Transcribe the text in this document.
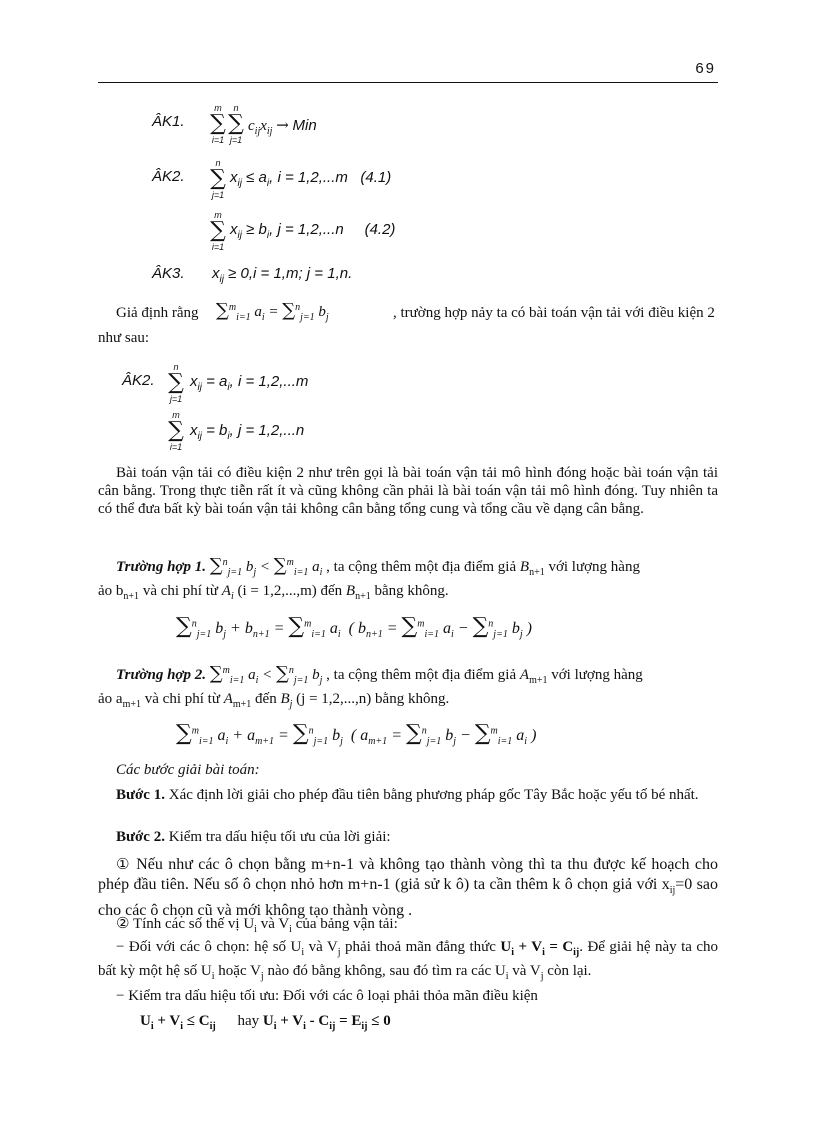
69
ÂK1.
m
∑
i=1
n
∑
j=1
$c_{ij}x_{ij}$ → Min
ÂK2.
n
∑
j=1
$x_{ij} \le a_i$, i = 1,2,...m   (4.1)
m
∑
i=1
$x_{ij} \ge b_i$, j = 1,2,...n     (4.2)
ÂK3. $x_{ij} \ge 0,i = 1,m$; j = 1,n.
Giả định rằng ∑$^m_{i=1}$ $a_i = \sum^n_{j=1}$ $b_j$	, trường hợp nảy ta có bài toán vận tải với điều kiện 2
như sau:
ÂK2.
n
∑
j=1
$x_{ij} = a_i$, i = 1,2,...m
m
∑
i=1
$x_{ij} = b_i$, j = 1,2,...n
Bài toán vận tải có điều kiện 2 như trên gọi là bài toán vận tải mô hình đóng hoặc bài toán vận tải cân bằng. Trong thực tiễn rất ít và cũng không cần phải là bài toán vận tải mô hình đóng. Tuy nhiên ta có thể đưa bất kỳ bài toán vận tải không cân bằng tổng cung và tổng cầu về dạng cân bằng.
Trường hợp 1. ∑$^n_{j=1}$ $b_j < \sum^m_{i=1}$ $a_i$ , ta cộng thêm một địa điểm giả $B_{n+1}$ với lượng hàng
ảo $b_{n+1}$ và chi phí từ $A_i$ (i = 1,2,...,m) đến $B_{n+1}$ bằng không.
∑$^n_{j=1}$ $b_j + b_{n+1} = \sum^m_{i=1}$ $a_i$  ( $b_{n+1} = \sum^m_{i=1}$ $a_i - \sum^n_{j=1}$ $b_j$ )
Trường hợp 2. ∑$^m_{i=1}$ $a_i < \sum^n_{j=1}$ $b_j$ , ta cộng thêm một địa điểm giả $A_{m+1}$ với lượng hàng
ảo $a_{m+1}$ và chi phí từ $A_{m+1}$ đến $B_j$ (j = 1,2,...,n) bằng không.
∑$^m_{i=1}$ $a_i + a_{m+1} = \sum^n_{j=1}$ $b_j$  ( $a_{m+1} = \sum^n_{j=1}$ $b_j - \sum^m_{i=1}$ $a_i$ )
Các bước giải bài toán:
Bước 1. Xác định lời giải cho phép đầu tiên bằng phương pháp gốc Tây Bắc hoặc yếu tố bé nhất.
Bước 2. Kiểm tra dấu hiệu tối ưu của lời giải:
① Nếu như các ô chọn bằng m+n-1 và không tạo thành vòng thì ta thu được kế hoạch cho phép đầu tiên. Nếu số ô chọn nhỏ hơn m+n-1 (giả sử k ô) ta cần thêm k ô chọn giả với $x_{ij}=0$ sao cho các ô chọn cũ và mới không tạo thành vòng .
② Tính các số thế vị $U_i$ và $V_i$ của bảng vận tải:
− Đối với các ô chọn: hệ số $U_i$ và $V_j$ phải thoả mãn đẳng thức $U_i + V_i = C_{ij}$. Để giải hệ này ta cho bất kỳ một hệ số $U_i$ hoặc $V_j$ nào đó bằng không, sau đó tìm ra các $U_i$ và $V_j$ còn lại.
− Kiểm tra dấu hiệu tối ưu: Đối với các ô loại phải thỏa mãn điều kiện
$U_i + V_i \le C_{ij}$ hay $U_i + V_i - C_{ij} = E_{ij} \le 0$
